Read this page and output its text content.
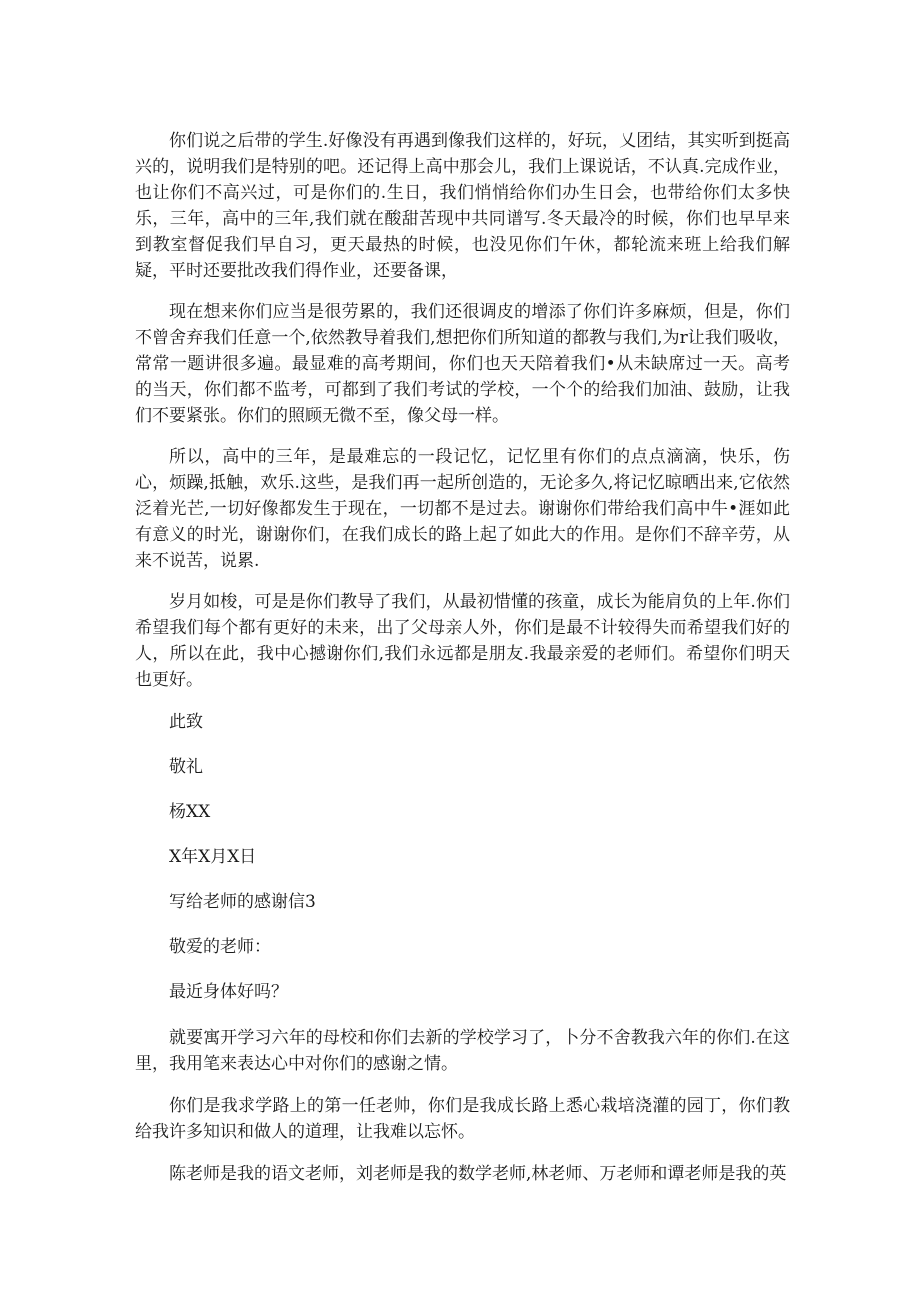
你们说之后带的学生.好像没有再遇到像我们这样的，好玩，乂团结，其实听到挺高兴的，说明我们是特别的吧。还记得上高中那会儿，我们上课说话，不认真.完成作业，也让你们不高兴过，可是你们的.生日，我们悄悄给你们办生日会，也带给你们太多快乐，三年，高中的三年,我们就在酸甜苦现中共同谱写.冬天最冷的时候，你们也早早来到教室督促我们早自习，更天最热的时候，也没见你们午休，都轮流来班上给我们解疑，平时还要批改我们得作业，还要备课，

现在想来你们应当是很劳累的，我们还很调皮的增添了你们许多麻烦，但是，你们不曾舍弃我们任意一个,依然教导着我们,想把你们所知道的都教与我们,为r让我们吸收，常常一题讲很多遍。最显难的高考期间，你们也天天陪着我们•从未缺席过一天。高考的当天，你们都不监考，可都到了我们考试的学校，一个个的给我们加油、鼓励，让我们不要紧张。你们的照顾无微不至，像父母一样。

所以，高中的三年，是最难忘的一段记忆，记忆里有你们的点点滴滴，快乐，伤心，烦躁,抵触，欢乐.这些，是我们再一起所创造的，无论多久,将记忆晾晒出来,它依然泛着光芒,一切好像都发生于现在，一切都不是过去。谢谢你们带给我们高中牛•涯如此有意义的时光，谢谢你们，在我们成长的路上起了如此大的作用。是你们不辞辛劳，从来不说苦，说累.

岁月如梭，可是是你们教导了我们，从最初惜懂的孩童，成长为能肩负的上年.你们希望我们每个都有更好的未来，出了父母亲人外，你们是最不计较得失而希望我们好的人，所以在此，我中心撼谢你们,我们永远都是朋友.我最亲爱的老师们。希望你们明天也更好。

此致

敬礼

杨XX

X年X月X日

写给老师的感谢信3

敬爱的老师：

最近身体好吗？

就要寓开学习六年的母校和你们去新的学校学习了，卜分不舍教我六年的你们.在这里，我用笔来表达心中对你们的感谢之情。

你们是我求学路上的第一任老帅，你们是我成长路上悉心栽培浇灌的园丁，你们教给我许多知识和做人的道理，让我难以忘怀。

陈老师是我的语文老师，刘老师是我的数学老师,林老师、万老师和谭老师是我的英
